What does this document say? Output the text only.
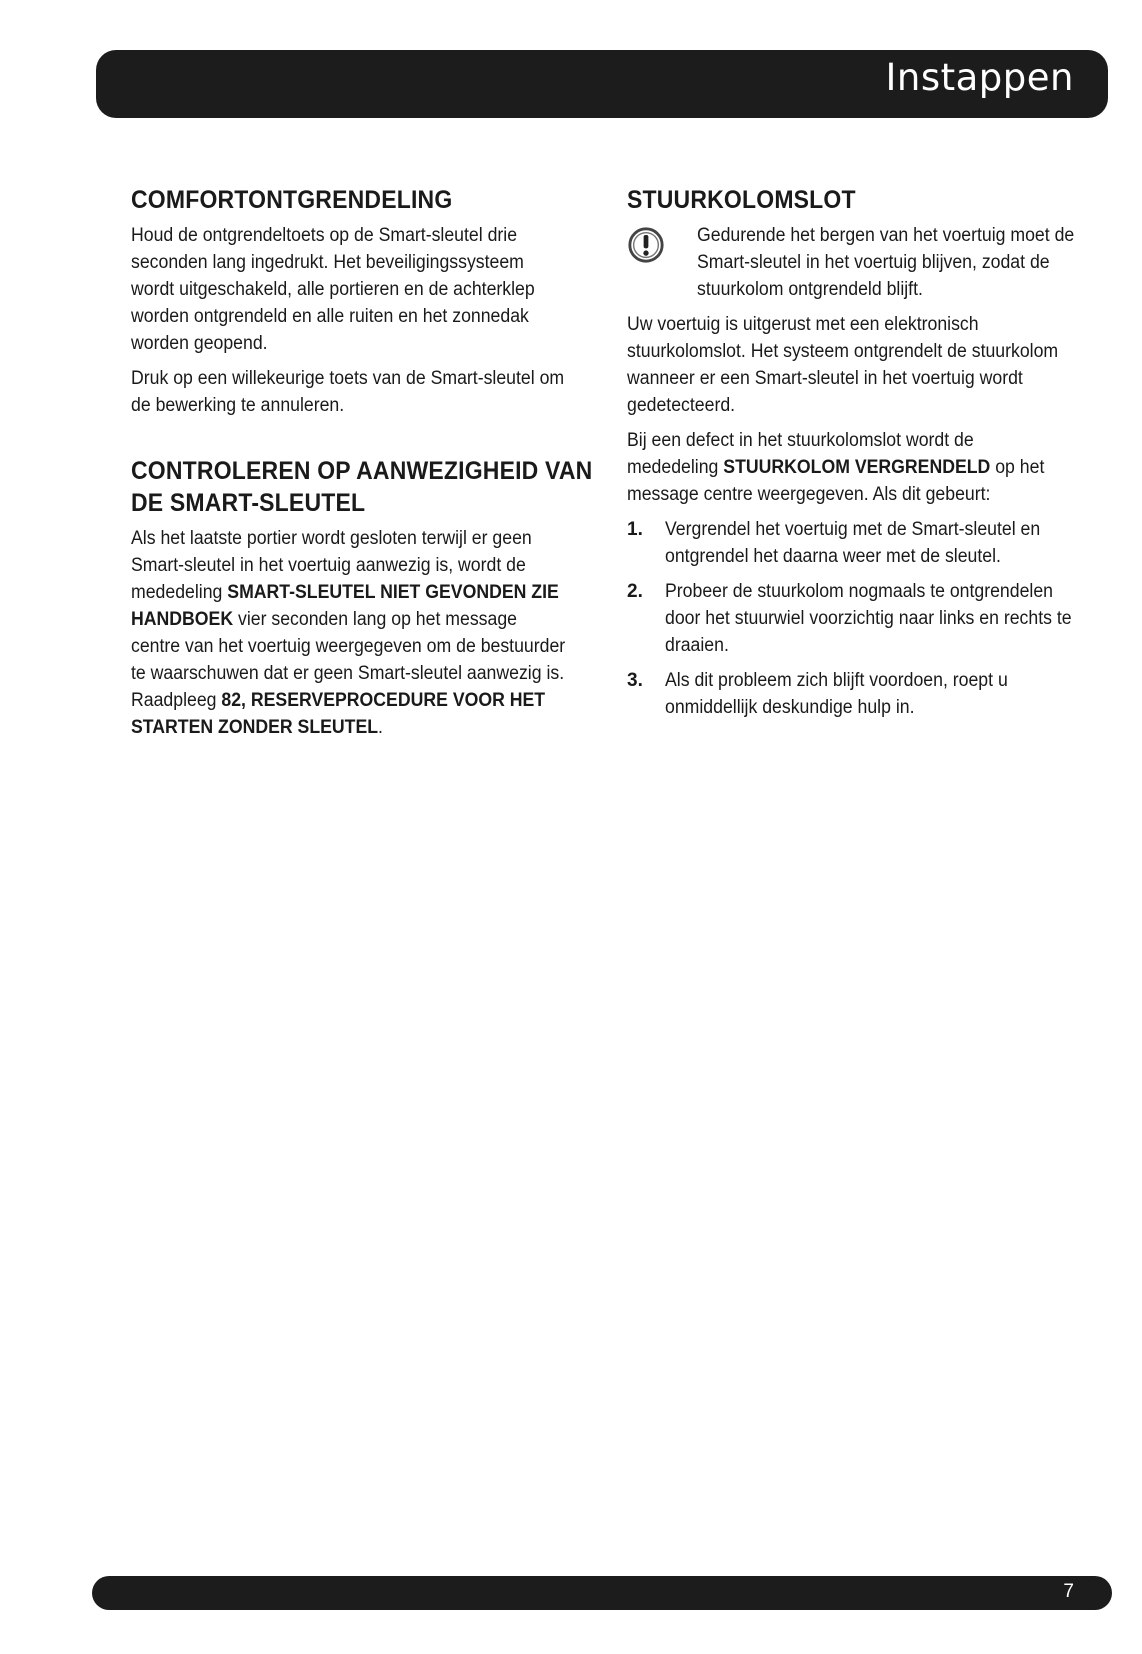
Instappen
COMFORTONTGRENDELING

Houd de ontgrendeltoets op de Smart-sleutel drie seconden lang ingedrukt. Het beveiligingssysteem wordt uitgeschakeld, alle portieren en de achterklep worden ontgrendeld en alle ruiten en het zonnedak worden geopend.

Druk op een willekeurige toets van de Smart-sleutel om de bewerking te annuleren.

CONTROLEREN OP AANWEZIGHEID VAN
DE SMART-SLEUTEL

Als het laatste portier wordt gesloten terwijl er geen Smart-sleutel in het voertuig aanwezig is, wordt de mededeling SMART-SLEUTEL NIET GEVONDEN ZIE HANDBOEK vier seconden lang op het message centre van het voertuig weergegeven om de bestuurder te waarschuwen dat er geen Smart-sleutel aanwezig is. Raadpleeg 82, RESERVEPROCEDURE VOOR HET STARTEN ZONDER SLEUTEL.

STUURKOLOMSLOT

Gedurende het bergen van het voertuig moet de Smart-sleutel in het voertuig blijven, zodat de stuurkolom ontgrendeld blijft.

Uw voertuig is uitgerust met een elektronisch stuurkolomslot. Het systeem ontgrendelt de stuurkolom wanneer er een Smart-sleutel in het voertuig wordt gedetecteerd.

Bij een defect in het stuurkolomslot wordt de mededeling STUURKOLOM VERGRENDELD op het message centre weergegeven. Als dit gebeurt:

1. Vergrendel het voertuig met de Smart-sleutel en ontgrendel het daarna weer met de sleutel.
2. Probeer de stuurkolom nogmaals te ontgrendelen door het stuurwiel voorzichtig naar links en rechts te draaien.
3. Als dit probleem zich blijft voordoen, roept u onmiddellijk deskundige hulp in.
7
